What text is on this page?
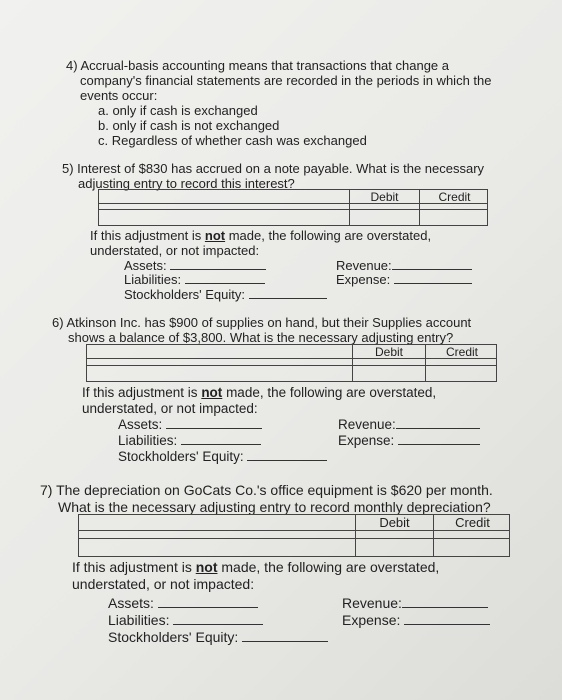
4) Accrual-basis accounting means that transactions that change a

company's financial statements are recorded in the periods in which the

events occur:

a. only if cash is exchanged
b. only if cash is not exchanged
c. Regardless of whether cash was exchanged

5) Interest of $830 has accrued on a note payable. What is the necessary

adjusting entry to record this interest?

Debit	Credit

If this adjustment is not made, the following are overstated,

understated, or not impacted:

Assets:
Liabilities:
Stockholders' Equity:
Revenue:
Expense:

6) Atkinson Inc. has $900 of supplies on hand, but their Supplies account

shows a balance of $3,800. What is the necessary adjusting entry?

Debit	Credit

If this adjustment is not made, the following are overstated,

understated, or not impacted:

Assets:
Liabilities:
Stockholders' Equity:
Revenue:
Expense:

7) The depreciation on GoCats Co.'s office equipment is $620 per month.

What is the necessary adjusting entry to record monthly depreciation?

Debit	Credit

If this adjustment is not made, the following are overstated,

understated, or not impacted:

Assets:
Liabilities:
Stockholders' Equity:
Revenue:
Expense:
